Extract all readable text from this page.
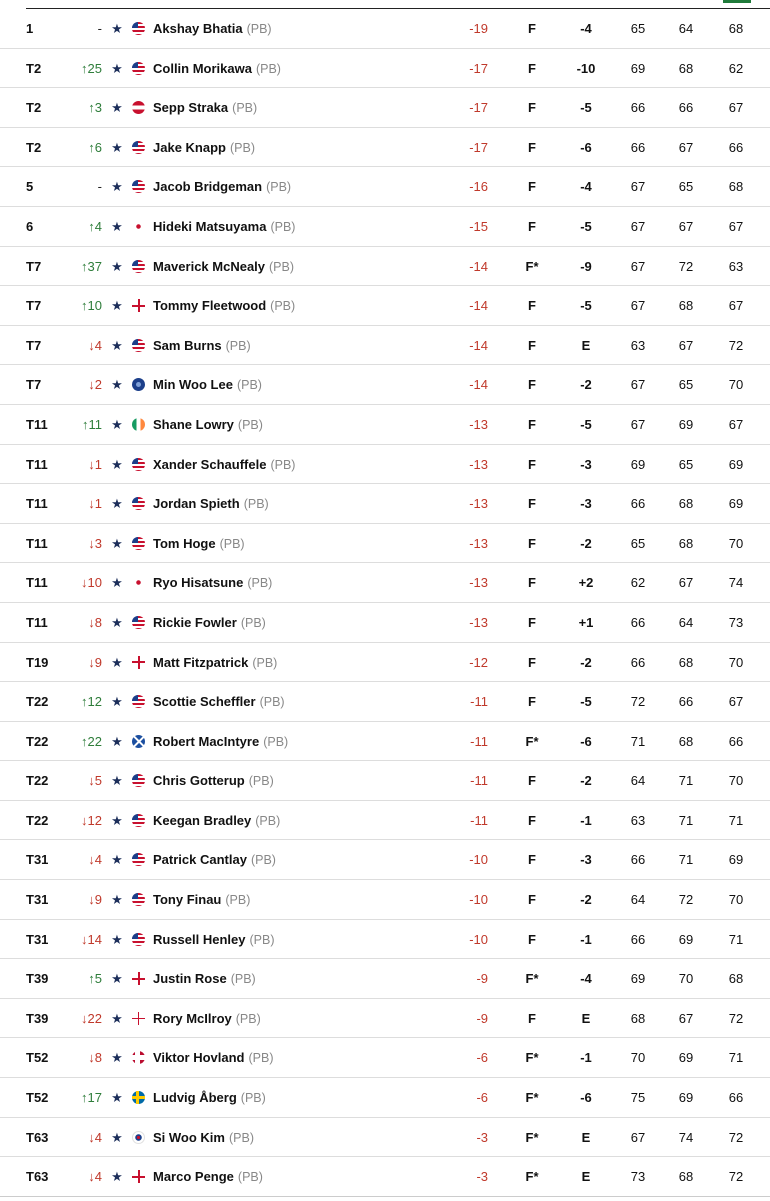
1	- ★ Akshay Bhatia (PB)	-19	F	-4	65	64	68
T2	↑25 ★ Collin Morikawa (PB)	-17	F	-10	69	68	62
T2	↑3 ★ Sepp Straka (PB)	-17	F	-5	66	66	67
T2	↑6 ★ Jake Knapp (PB)	-17	F	-6	66	67	66
5	- ★ Jacob Bridgeman (PB)	-16	F	-4	67	65	68
6	↑4 ★ Hideki Matsuyama (PB)	-15	F	-5	67	67	67
T7	↑37 ★ Maverick McNealy (PB)	-14	F*	-9	67	72	63
T7	↑10 ★ Tommy Fleetwood (PB)	-14	F	-5	67	68	67
T7	↓4 ★ Sam Burns (PB)	-14	F	E	63	67	72
T7	↓2 ★ Min Woo Lee (PB)	-14	F	-2	67	65	70
T11	↑11 ★ Shane Lowry (PB)	-13	F	-5	67	69	67
T11	↓1 ★ Xander Schauffele (PB)	-13	F	-3	69	65	69
T11	↓1 ★ Jordan Spieth (PB)	-13	F	-3	66	68	69
T11	↓3 ★ Tom Hoge (PB)	-13	F	-2	65	68	70
T11	↓10 ★ Ryo Hisatsune (PB)	-13	F	+2	62	67	74
T11	↓8 ★ Rickie Fowler (PB)	-13	F	+1	66	64	73
T19	↓9 ★ Matt Fitzpatrick (PB)	-12	F	-2	66	68	70
T22	↑12 ★ Scottie Scheffler (PB)	-11	F	-5	72	66	67
T22	↑22 ★ Robert MacIntyre (PB)	-11	F*	-6	71	68	66
T22	↓5 ★ Chris Gotterup (PB)	-11	F	-2	64	71	70
T22	↓12 ★ Keegan Bradley (PB)	-11	F	-1	63	71	71
T31	↓4 ★ Patrick Cantlay (PB)	-10	F	-3	66	71	69
T31	↓9 ★ Tony Finau (PB)	-10	F	-2	64	72	70
T31	↓14 ★ Russell Henley (PB)	-10	F	-1	66	69	71
T39	↑5 ★ Justin Rose (PB)	-9	F*	-4	69	70	68
T39	↓22 ★ Rory McIlroy (PB)	-9	F	E	68	67	72
T52	↓8 ★ Viktor Hovland (PB)	-6	F*	-1	70	69	71
T52	↑17 ★ Ludvig Åberg (PB)	-6	F*	-6	75	69	66
T63	↓4 ★ Si Woo Kim (PB)	-3	F*	E	67	74	72
T63	↓4 ★ Marco Penge (PB)	-3	F*	E	73	68	72
